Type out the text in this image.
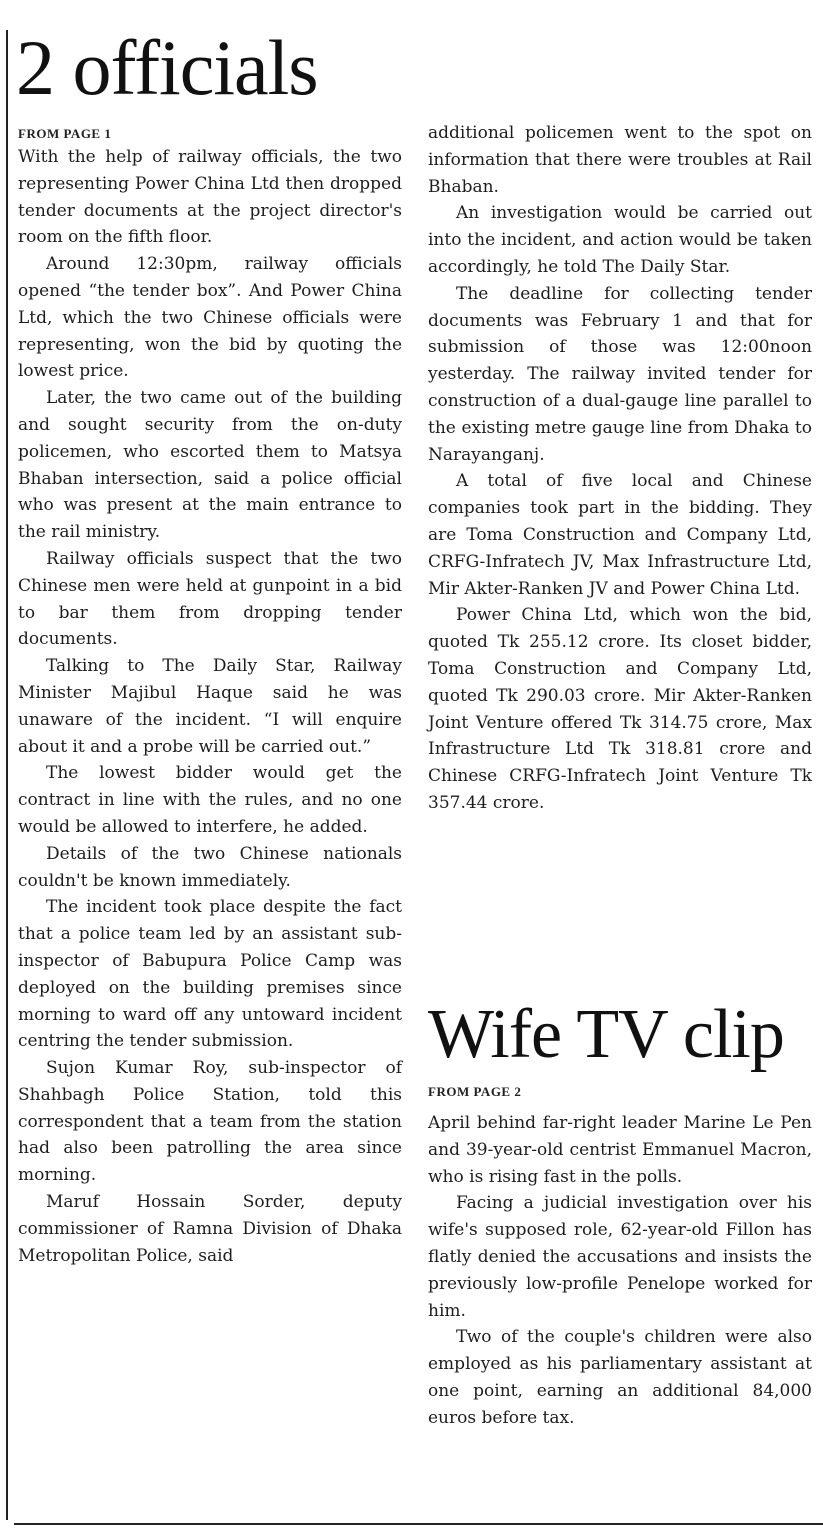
2 officials
FROM PAGE 1

With the help of railway officials, the two representing Power China Ltd then dropped tender documents at the project director's room on the fifth floor.

Around 12:30pm, railway officials opened “the tender box”. And Power China Ltd, which the two Chinese officials were representing, won the bid by quoting the lowest price.

Later, the two came out of the building and sought security from the on-duty policemen, who escorted them to Matsya Bhaban intersection, said a police official who was present at the main entrance to the rail ministry.

Railway officials suspect that the two Chinese men were held at gunpoint in a bid to bar them from dropping tender documents.

Talking to The Daily Star, Railway Minister Majibul Haque said he was unaware of the incident. “I will enquire about it and a probe will be carried out.”

The lowest bidder would get the contract in line with the rules, and no one would be allowed to interfere, he added.

Details of the two Chinese nationals couldn't be known immediately.

The incident took place despite the fact that a police team led by an assistant sub-inspector of Babupura Police Camp was deployed on the building premises since morning to ward off any untoward incident centring the tender submission.

Sujon Kumar Roy, sub-inspector of Shahbagh Police Station, told this correspondent that a team from the station had also been patrolling the area since morning.

Maruf Hossain Sorder, deputy commissioner of Ramna Division of Dhaka Metropolitan Police, said

additional policemen went to the spot on information that there were troubles at Rail Bhaban.

An investigation would be carried out into the incident, and action would be taken accordingly, he told The Daily Star.

The deadline for collecting tender documents was February 1 and that for submission of those was 12:00noon yesterday. The railway invited tender for construction of a dual-gauge line parallel to the existing metre gauge line from Dhaka to Narayanganj.

A total of five local and Chinese companies took part in the bidding. They are Toma Construction and Company Ltd, CRFG-Infratech JV, Max Infrastructure Ltd, Mir Akter-Ranken JV and Power China Ltd.

Power China Ltd, which won the bid, quoted Tk 255.12 crore. Its closet bidder, Toma Construction and Company Ltd, quoted Tk 290.03 crore. Mir Akter-Ranken Joint Venture offered Tk 314.75 crore, Max Infrastructure Ltd Tk 318.81 crore and Chinese CRFG-Infratech Joint Venture Tk 357.44 crore.

Wife TV clip
FROM PAGE 2

April behind far-right leader Marine Le Pen and 39-year-old centrist Emmanuel Macron, who is rising fast in the polls.

Facing a judicial investigation over his wife's supposed role, 62-year-old Fillon has flatly denied the accusations and insists the previously low-profile Penelope worked for him.

Two of the couple's children were also employed as his parliamentary assistant at one point, earning an additional 84,000 euros before tax.
